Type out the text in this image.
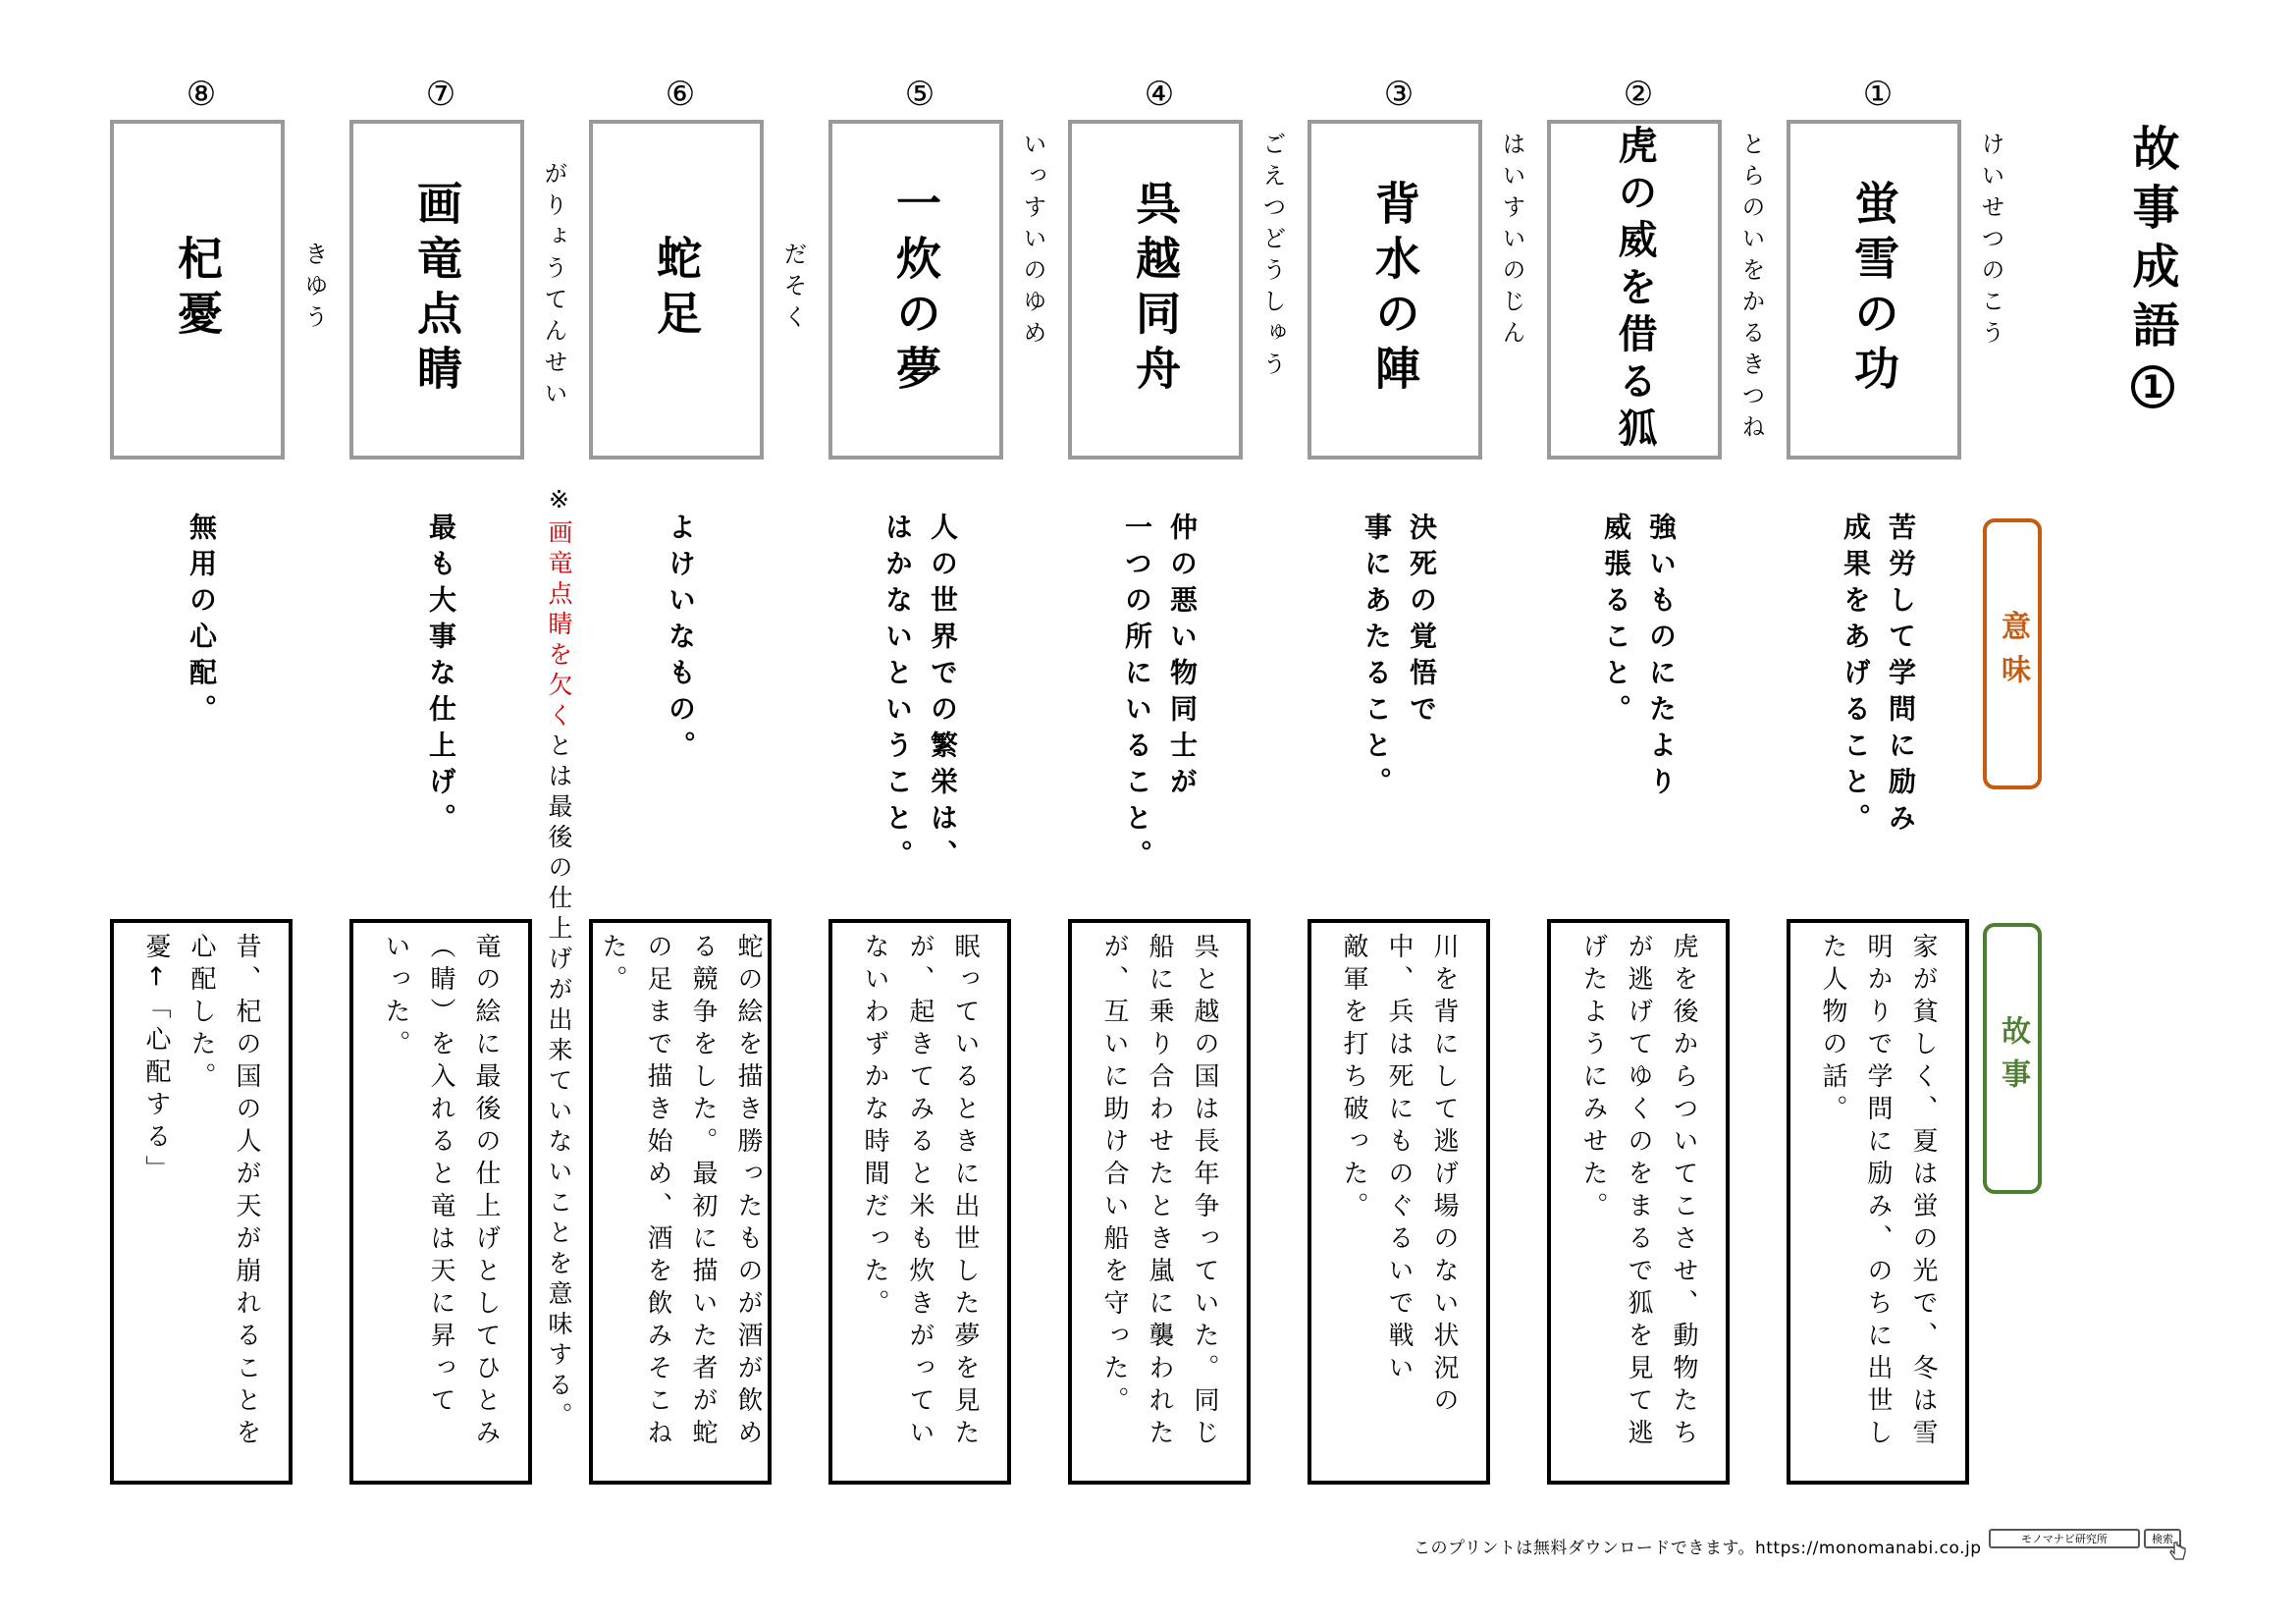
①
蛍雪の功	けいせつのこう
苦労して学問に励み
成果をあげること。
家が貧しく、夏は蛍の光で、冬は雪
明かりで学問に励み、のちに出世し
た人物の話。
②
虎の威を借る狐	とらのいをかるきつね
強いものにたより
威張ること。
虎を後からついてこさせ、動物たち
が逃げてゆくのをまるで狐を見て逃
げたようにみせた。
③
背水の陣	はいすいのじん
決死の覚悟で
事にあたること。
川を背にして逃げ場のない状況の
中、兵は死にものぐるいで戦い
敵軍を打ち破った。
④
呉越同舟	ごえつどうしゅう
仲の悪い物同士が
一つの所にいること。
呉と越の国は長年争っていた。同じ
船に乗り合わせたとき嵐に襲われた
が、互いに助け合い船を守った。
⑤
一炊の夢	いっすいのゆめ
人の世界での繁栄は、
はかないということ。
眠っているときに出世した夢を見た
が、起きてみると米も炊きがってい
ないわずかな時間だった。
⑥
蛇足	だそく
よけいなもの。
蛇の絵を描き勝ったものが酒が飲め
る競争をした。最初に描いた者が蛇
の足まで描き始め、酒を飲みそこね
た。
⑦
画竜点睛	がりょうてんせい
最も大事な仕上げ。
竜の絵に最後の仕上げとしてひとみ
（睛）を入れると竜は天に昇って
いった。
⑧
杞憂	きゆう
無用の心配。
昔、杞の国の人が天が崩れることを
心配した。
憂←「心配する」
※画竜点睛を欠くとは最後の仕上げが出来ていないことを意味する。
故事成語
1
意味
故事
このプリントは無料ダウンロードできます。https://monomanabi.co.jp	モノマナビ研究所	検索
